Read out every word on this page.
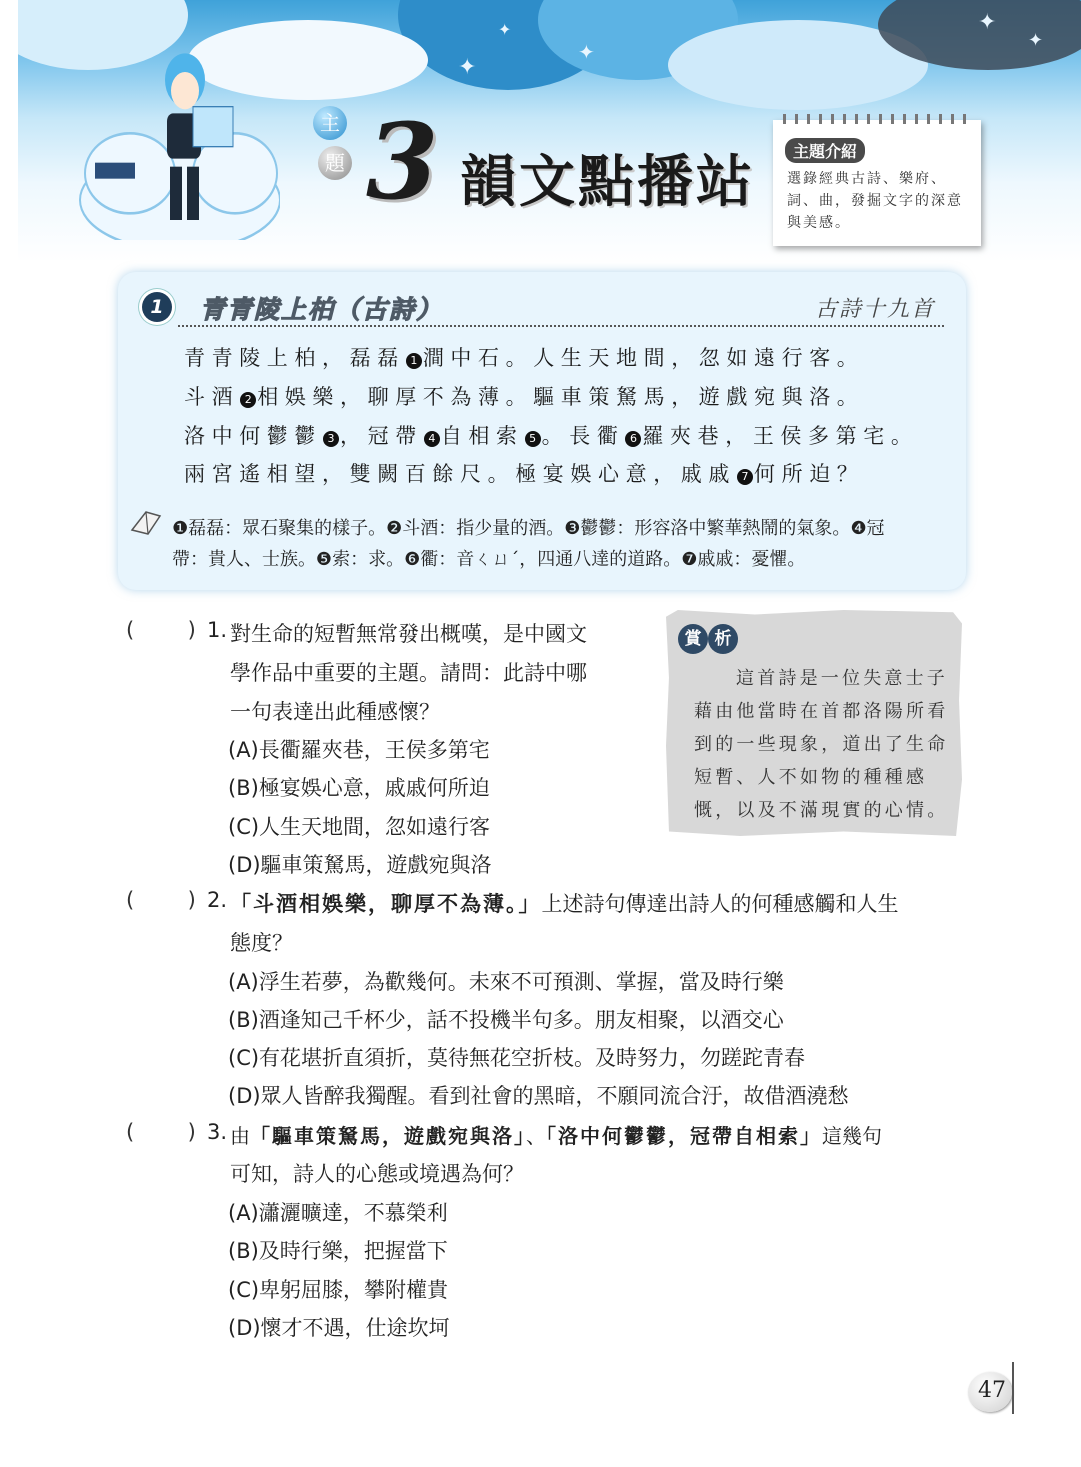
✦
✦
✦	✦
✦
主
題 3 韻文點播站	主題介紹
選錄經典古詩、樂府、
詞、曲，發掘文字的深意
與美感。
1	青青陵上柏（古詩）	古詩十九首
青青陵上柏，磊磊 1 澗中石。人生天地間，忽如遠行客。
斗酒 2 相娛樂，聊厚不為薄。驅車策駑馬，遊戲宛與洛。
洛中何鬱鬱 3 ，冠帶 4 自相索 5 。長衢 6 羅夾巷，王侯多第宅。
兩宮遙相望，雙闕百餘尺。極宴娛心意，戚戚 7 何所迫？
❶磊磊：眾石聚集的樣子。❷斗酒：指少量的酒。❸鬱鬱：形容洛中繁華熱鬧的氣象。❹冠
帶：貴人、士族。❺索：求。❻衢：音ㄑㄩˊ，四通八達的道路。❼戚戚：憂懼。
賞 析
這首詩是一位失意士子
藉由他當時在首都洛陽所看
到的一些現象，道出了生命
短暫、人不如物的種種感
慨，以及不滿現實的心情。
(        ) 1. 對生命的短暫無常發出概嘆，是中國文
學作品中重要的主題。請問：此詩中哪
一句表達出此種感懷？
(A)長衢羅夾巷，王侯多第宅
(B)極宴娛心意，戚戚何所迫
(C)人生天地間，忽如遠行客
(D)驅車策駑馬，遊戲宛與洛
(        ) 2. 「斗酒相娛樂，聊厚不為薄。」上述詩句傳達出詩人的何種感觸和人生
態度？
(A)浮生若夢，為歡幾何。未來不可預測、掌握，當及時行樂
(B)酒逢知己千杯少，話不投機半句多。朋友相聚，以酒交心
(C)有花堪折直須折，莫待無花空折枝。及時努力，勿蹉跎青春
(D)眾人皆醉我獨醒。看到社會的黑暗，不願同流合汙，故借酒澆愁
(        ) 3. 由「驅車策駑馬，遊戲宛與洛」、「洛中何鬱鬱，冠帶自相索」這幾句
可知，詩人的心態或境遇為何？
(A)瀟灑曠達，不慕榮利
(B)及時行樂，把握當下
(C)卑躬屈膝，攀附權貴
(D)懷才不遇，仕途坎坷
47
